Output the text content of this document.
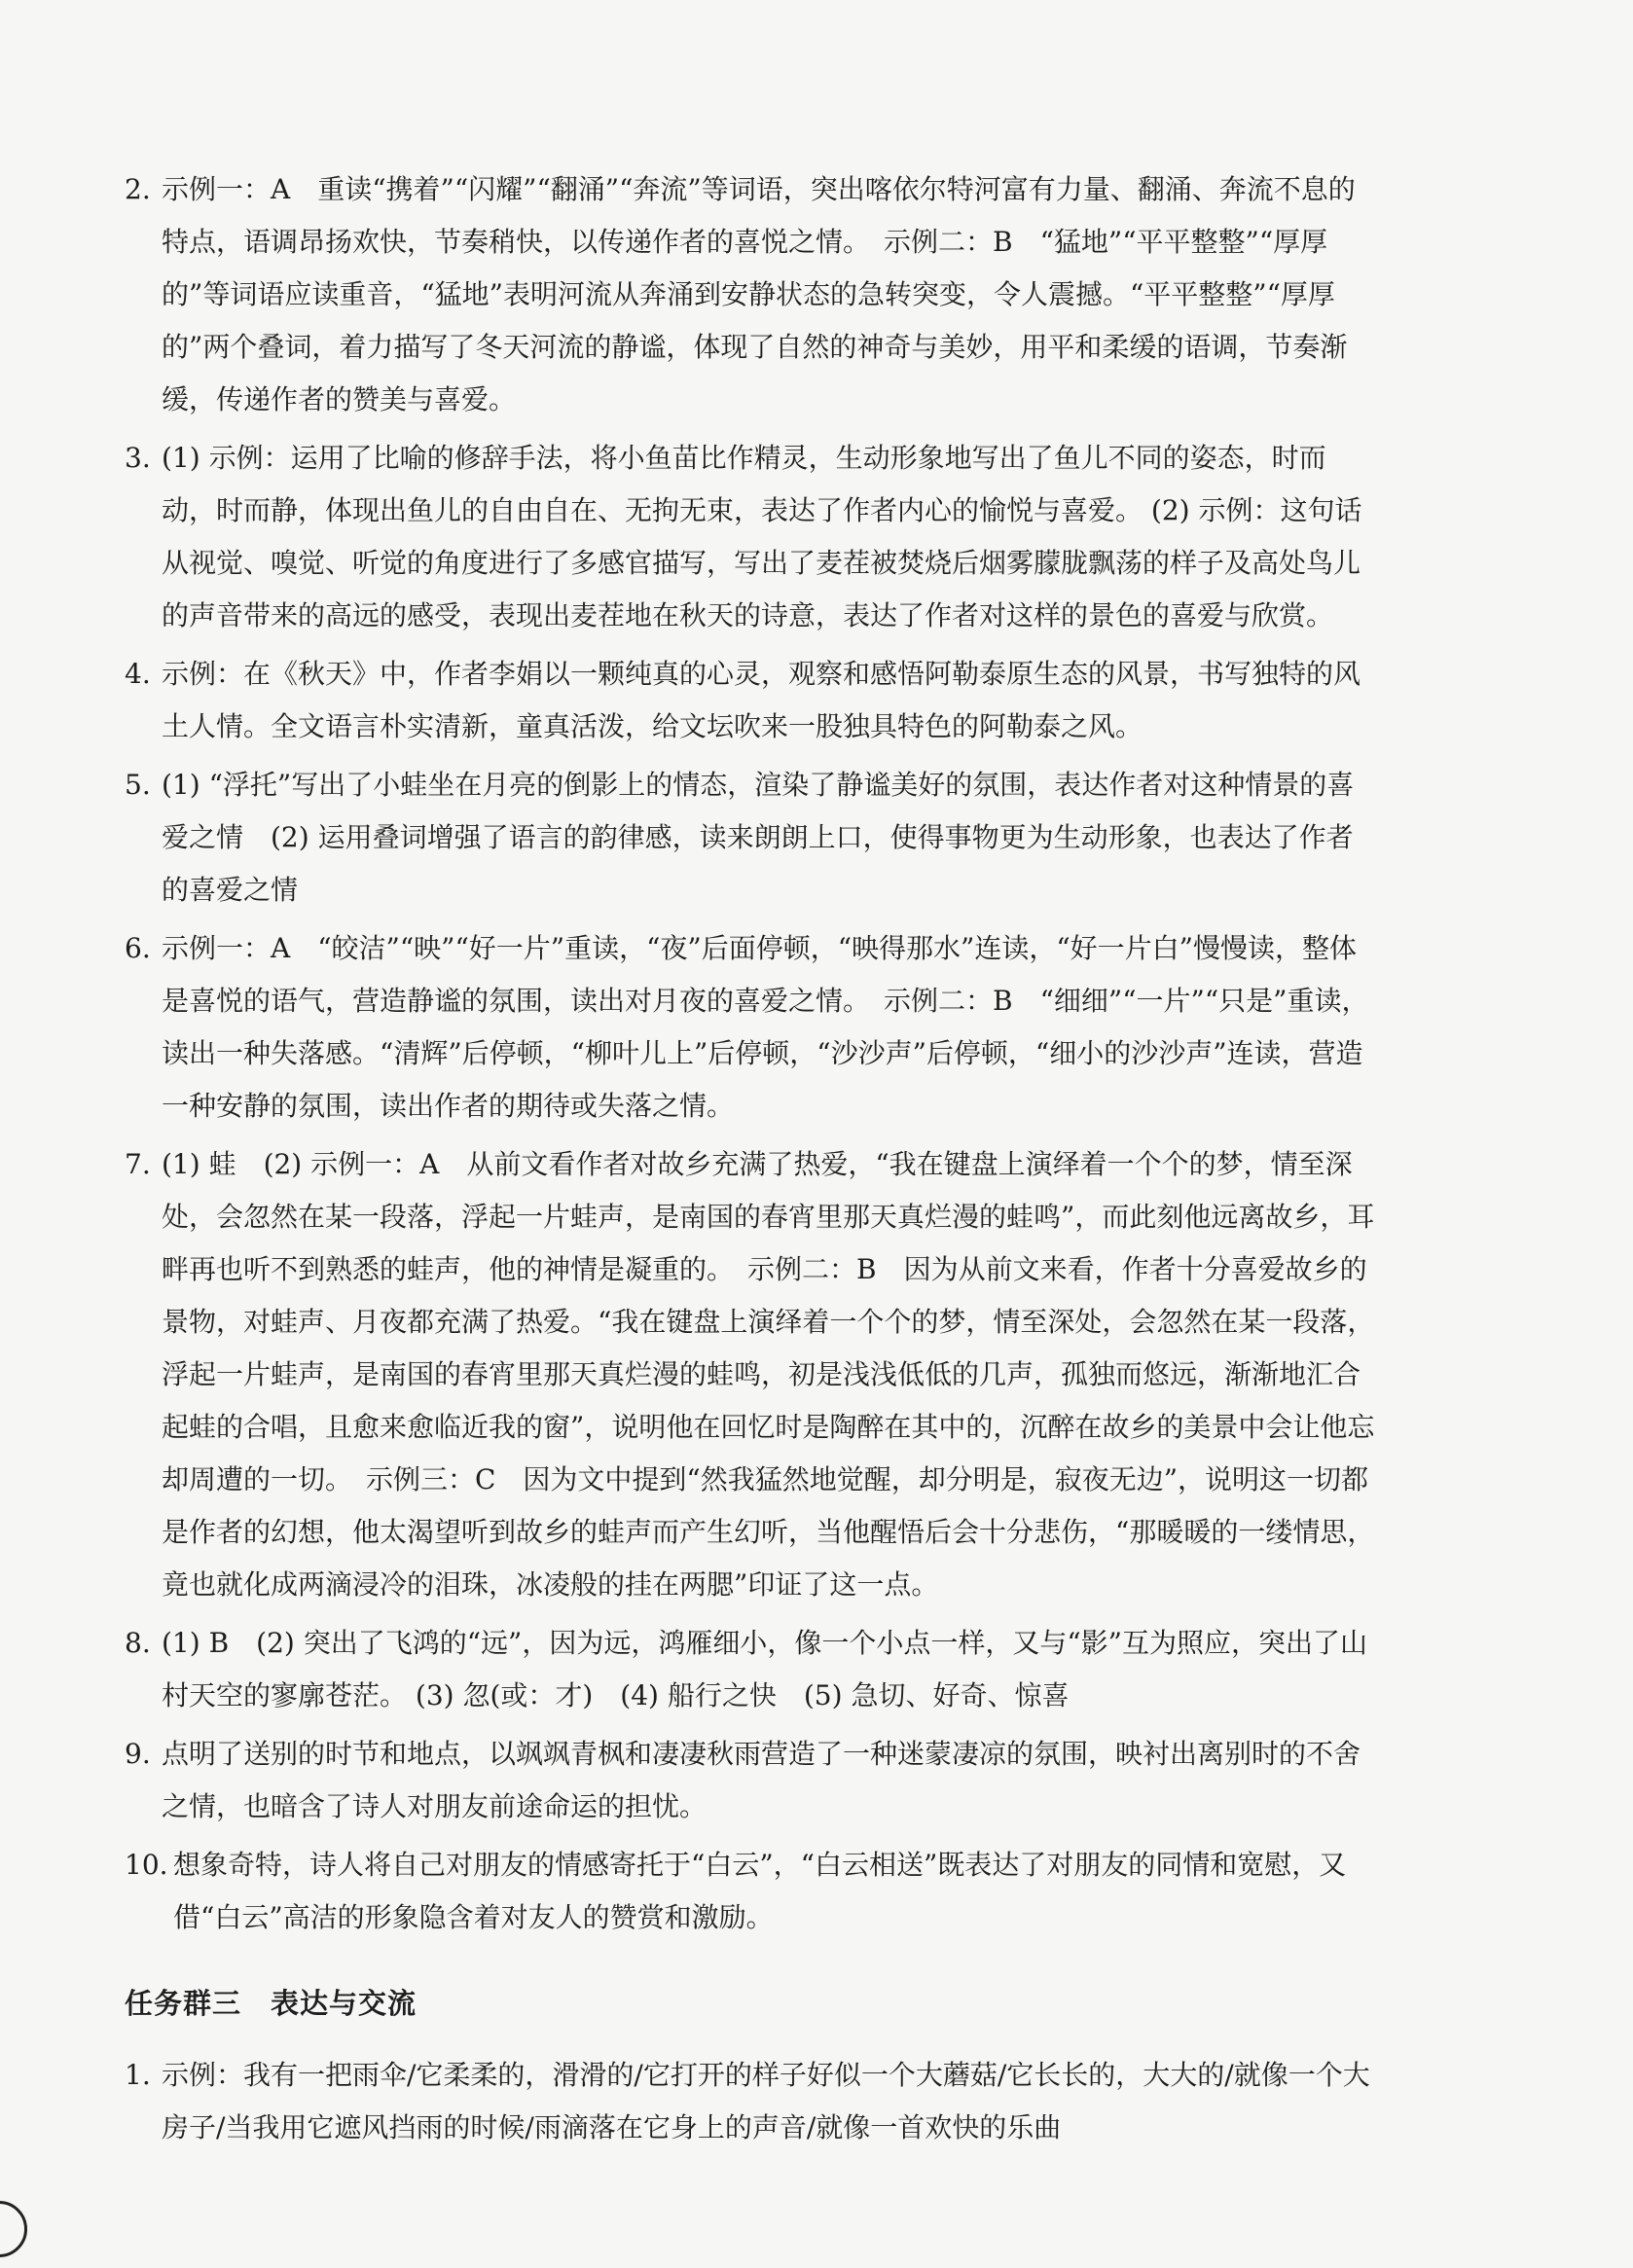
2. 示例一：A　重读“携着”“闪耀”“翻涌”“奔流”等词语，突出喀依尔特河富有力量、翻涌、奔流不息的特点，语调昂扬欢快，节奏稍快，以传递作者的喜悦之情。　示例二：B　“猛地”“平平整整”“厚厚的”等词语应读重音，“猛地”表明河流从奔涌到安静状态的急转突变，令人震撼。“平平整整”“厚厚的”两个叠词，着力描写了冬天河流的静谧，体现了自然的神奇与美妙，用平和柔缓的语调，节奏渐缓，传递作者的赞美与喜爱。
3. (1) 示例：运用了比喻的修辞手法，将小鱼苗比作精灵，生动形象地写出了鱼儿不同的姿态，时而动，时而静，体现出鱼儿的自由自在、无拘无束，表达了作者内心的愉悦与喜爱。 (2) 示例：这句话从视觉、嗅觉、听觉的角度进行了多感官描写，写出了麦茬被焚烧后烟雾朦胧飘荡的样子及高处鸟儿的声音带来的高远的感受，表现出麦茬地在秋天的诗意，表达了作者对这样的景色的喜爱与欣赏。
4. 示例：在《秋天》中，作者李娟以一颗纯真的心灵，观察和感悟阿勒泰原生态的风景，书写独特的风土人情。全文语言朴实清新，童真活泼，给文坛吹来一股独具特色的阿勒泰之风。
5. (1) “浮托”写出了小蛙坐在月亮的倒影上的情态，渲染了静谧美好的氛围，表达作者对这种情景的喜爱之情　(2) 运用叠词增强了语言的韵律感，读来朗朗上口，使得事物更为生动形象，也表达了作者的喜爱之情
6. 示例一：A　“皎洁”“映”“好一片”重读，“夜”后面停顿，“映得那水”连读，“好一片白”慢慢读，整体是喜悦的语气，营造静谧的氛围，读出对月夜的喜爱之情。　示例二：B　“细细”“一片”“只是”重读，读出一种失落感。“清辉”后停顿，“柳叶儿上”后停顿，“沙沙声”后停顿，“细小的沙沙声”连读，营造一种安静的氛围，读出作者的期待或失落之情。
7. (1) 蛙　(2) 示例一：A　从前文看作者对故乡充满了热爱，“我在键盘上演绎着一个个的梦，情至深处，会忽然在某一段落，浮起一片蛙声，是南国的春宵里那天真烂漫的蛙鸣”，而此刻他远离故乡，耳畔再也听不到熟悉的蛙声，他的神情是凝重的。　示例二：B　因为从前文来看，作者十分喜爱故乡的景物，对蛙声、月夜都充满了热爱。“我在键盘上演绎着一个个的梦，情至深处，会忽然在某一段落，浮起一片蛙声，是南国的春宵里那天真烂漫的蛙鸣，初是浅浅低低的几声，孤独而悠远，渐渐地汇合起蛙的合唱，且愈来愈临近我的窗”，说明他在回忆时是陶醉在其中的，沉醉在故乡的美景中会让他忘却周遭的一切。　示例三：C　因为文中提到“然我猛然地觉醒，却分明是，寂夜无边”，说明这一切都是作者的幻想，他太渴望听到故乡的蛙声而产生幻听，当他醒悟后会十分悲伤，“那暖暖的一缕情思，竟也就化成两滴浸冷的泪珠，冰凌般的挂在两腮”印证了这一点。
8. (1) B　(2) 突出了飞鸿的“远”，因为远，鸿雁细小，像一个小点一样，又与“影”互为照应，突出了山村天空的寥廓苍茫。 (3) 忽(或：才)　(4) 船行之快　(5) 急切、好奇、惊喜
9. 点明了送别的时节和地点，以飒飒青枫和凄凄秋雨营造了一种迷蒙凄凉的氛围，映衬出离别时的不舍之情，也暗含了诗人对朋友前途命运的担忧。
10. 想象奇特，诗人将自己对朋友的情感寄托于“白云”，“白云相送”既表达了对朋友的同情和宽慰，又借“白云”高洁的形象隐含着对友人的赞赏和激励。
任务群三　表达与交流
1. 示例：我有一把雨伞/它柔柔的，滑滑的/它打开的样子好似一个大蘑菇/它长长的，大大的/就像一个大房子/当我用它遮风挡雨的时候/雨滴落在它身上的声音/就像一首欢快的乐曲
